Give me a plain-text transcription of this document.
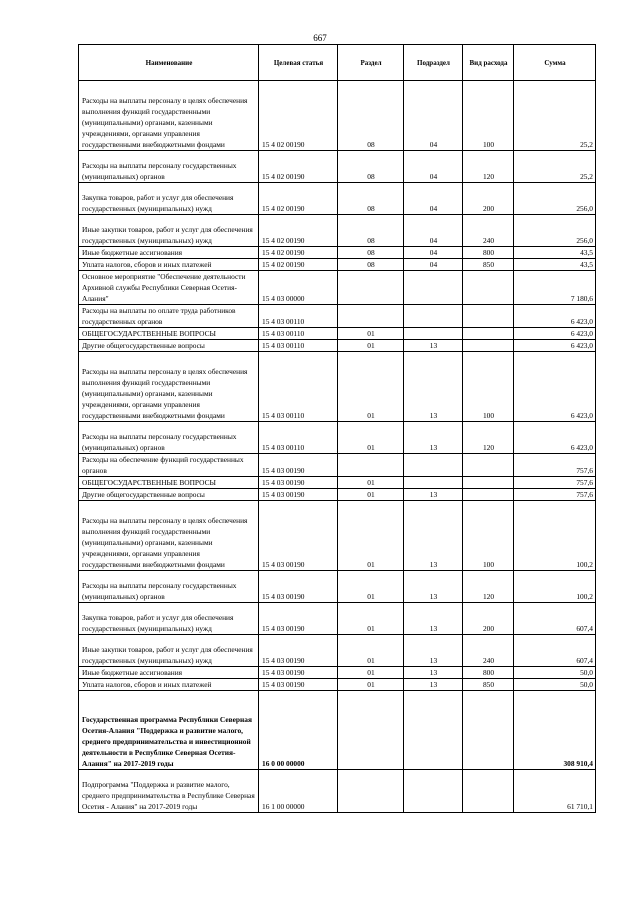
667
Наименование	Целевая статья	Раздел	Подраздел	Вид расхода	Сумма
Расходы на выплаты персоналу в целях обеспечения выполнения функций государственными (муниципальными) органами, казенными учреждениями, органами управления государственными внебюджетными фондами	15 4 02 00190	08	04	100	25,2
Расходы на выплаты персоналу государственных (муниципальных) органов	15 4 02 00190	08	04	120	25,2
Закупка товаров, работ и услуг для обеспечения государственных (муниципальных) нужд	15 4 02 00190	08	04	200	256,0
Иные закупки товаров, работ и услуг для обеспечения государственных (муниципальных) нужд	15 4 02 00190	08	04	240	256,0
Иные бюджетные ассигнования	15 4 02 00190	08	04	800	43,5
Уплата налогов, сборов и иных платежей	15 4 02 00190	08	04	850	43,5
Основное мероприятие "Обеспечение деятельности Архивной службы Республики Северная Осетия-Алания"	15 4 03 00000				7 180,6
Расходы на выплаты по оплате труда работников государственных органов	15 4 03 00110				6 423,0
ОБЩЕГОСУДАРСТВЕННЫЕ ВОПРОСЫ	15 4 03 00110	01			6 423,0
Другие общегосударственные вопросы	15 4 03 00110	01	13		6 423,0
Расходы на выплаты персоналу в целях обеспечения выполнения функций государственными (муниципальными) органами, казенными учреждениями, органами управления государственными внебюджетными фондами	15 4 03 00110	01	13	100	6 423,0
Расходы на выплаты персоналу государственных (муниципальных) органов	15 4 03 00110	01	13	120	6 423,0
Расходы на обеспечение функций государственных органов	15 4 03 00190				757,6
ОБЩЕГОСУДАРСТВЕННЫЕ ВОПРОСЫ	15 4 03 00190	01			757,6
Другие общегосударственные вопросы	15 4 03 00190	01	13		757,6
Расходы на выплаты персоналу в целях обеспечения выполнения функций государственными (муниципальными) органами, казенными учреждениями, органами управления государственными внебюджетными фондами	15 4 03 00190	01	13	100	100,2
Расходы на выплаты персоналу государственных (муниципальных) органов	15 4 03 00190	01	13	120	100,2
Закупка товаров, работ и услуг для обеспечения государственных (муниципальных) нужд	15 4 03 00190	01	13	200	607,4
Иные закупки товаров, работ и услуг для обеспечения государственных (муниципальных) нужд	15 4 03 00190	01	13	240	607,4
Иные бюджетные ассигнования	15 4 03 00190	01	13	800	50,0
Уплата налогов, сборов и иных платежей	15 4 03 00190	01	13	850	50,0
Государственная программа Республики Северная Осетия-Алания "Поддержка и развитие малого, среднего предпринимательства и инвестиционной деятельности в Республике Северная Осетия-Алания" на 2017-2019 годы	16 0 00 00000				308 910,4
Подпрограмма "Поддержка и развитие малого, среднего предпринимательства в Республике Северная Осетия - Алания" на 2017-2019 годы	16 1 00 00000				61 710,1
